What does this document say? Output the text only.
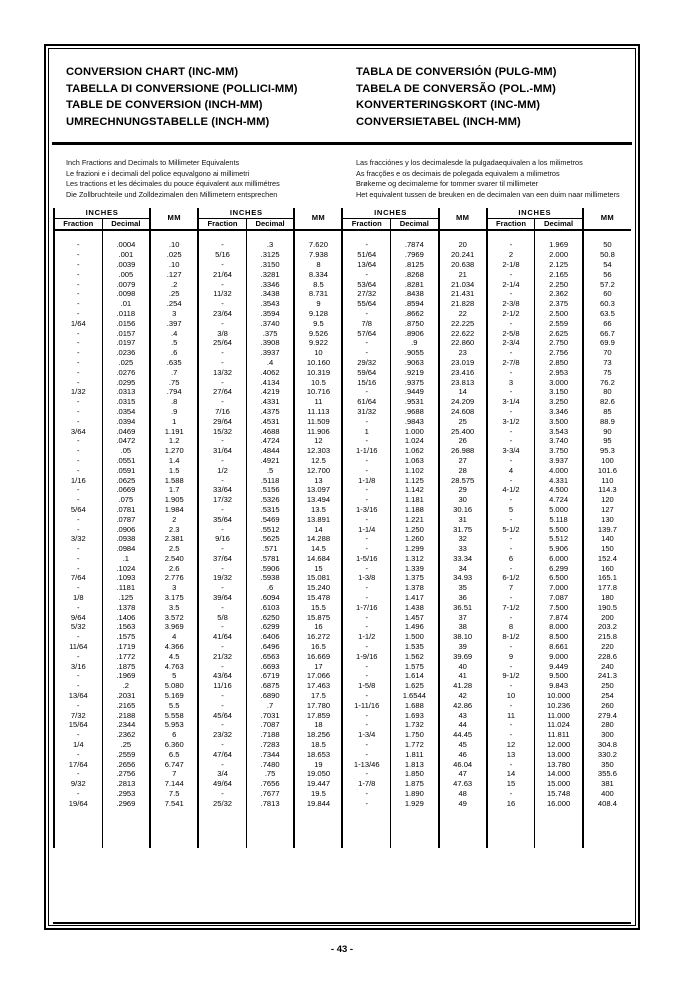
CONVERSION CHART (INC-MM)
TABELLA DI CONVERSIONE (POLLICI-MM)
TABLE DE CONVERSION (INCH-MM)
UMRECHNUNGSTABELLE (INCH-MM)
TABLA DE CONVERSIÓN (PULG-MM)
TABELA DE CONVERSÃO (POL.-MM)
KONVERTERINGSKORT (INC-MM)
CONVERSIETABEL (INCH-MM)
Inch Fractions and Decimals to Millimeter Equivalents
Le frazioni e i decimali del police equvalgono ai millimetri
Les tractions et les décimales du pouce équivalent aux millimétres
Die Zollbruchteile und Zolldezimalen den Millimetern entsprechen
Las fracciónes y los decimalesde la pulgadaequivalen a los milimetros
As fracções e os decimais de polegada equivalem a milimetros
Brøkerne og decimalerne for tommer svarer til millimeter
Het equivalent tussen de breuken en de decimalen van een duim naar millimeters
INCHES		MM	INCHES		MM	INCHES		MM	INCHES		MM
Fraction	Decimal		Fraction	Decimal		Fraction	Decimal		Fraction	Decimal	

-	.0004	.10	-	.3	7.620	-	.7874	20	-	1.969	50
-	.001	.025	5/16	.3125	7.938	51/64	.7969	20.241	2	2.000	50.8
-	.0039	.10	-	.3150	8	13/64	.8125	20.638	2-1/8	2.125	54
-	.005	.127	21/64	.3281	8.334	-	.8268	21	-	2.165	56
-	.0079	.2	-	.3346	8.5	53/64	.8281	21.034	2-1/4	2.250	57.2
-	.0098	.25	11/32	.3438	8.731	27/32	.8438	21.431	-	2.362	60
-	.01	.254	-	.3543	9	55/64	.8594	21.828	2-3/8	2.375	60.3
-	.0118	3	23/64	.3594	9.128	-	.8662	22	2-1/2	2.500	63.5
1/64	.0156	.397	-	.3740	9.5	7/8	.8750	22.225	-	2.559	66
-	.0157	.4	3/8	.375	9.526	57/64	.8906	22.622	2-5/8	2.625	66.7
-	.0197	.5	25/64	.3908	9.922	-	.9	22.860	2-3/4	2.750	69.9
-	.0236	.6	-	.3937	10	-	.9055	23	-	2.756	70
-	.025	.635	-	.4	10.160	29/32	.9063	23.019	2-7/8	2.850	73
-	.0276	.7	13/32	.4062	10.319	59/64	.9219	23.416	-	2.953	75
-	.0295	.75	-	.4134	10.5	15/16	.9375	23.813	3	3.000	76.2
1/32	.0313	.794	27/64	.4219	10.716	-	.9449	14	-	3.150	80
-	.0315	.8	-	.4331	11	61/64	.9531	24.209	3-1/4	3.250	82.6
-	.0354	.9	7/16	.4375	11.113	31/32	.9688	24.608	-	3.346	85
-	.0394	1	29/64	.4531	11.509	-	.9843	25	3-1/2	3.500	88.9
3/64	.0469	1.191	15/32	.4688	11.906	1	1.000	25.400	-	3.543	90
-	.0472	1.2	-	.4724	12	-	1.024	26	-	3.740	95
-	.05	1.270	31/64	.4844	12.303	1-1/16	1.062	26.988	3-3/4	3.750	95.3
-	.0551	1.4	-	.4921	12.5	-	1.063	27	-	3.937	100
-	.0591	1.5	1/2	.5	12.700	-	1.102	28	4	4.000	101.6
1/16	.0625	1.588	-	.5118	13	1-1/8	1.125	28.575	-	4.331	110
-	.0669	1.7	33/64	.5156	13.097	-	1.142	29	4-1/2	4.500	114.3
-	.075	1.905	17/32	.5326	13.494	-	1.181	30	-	4.724	120
5/64	.0781	1.984	-	.5315	13.5	1-3/16	1.188	30.16	5	5.000	127
-	.0787	2	35/64	.5469	13.891	-	1.221	31	-	5.118	130
-	.0906	2.3	-	.5512	14	1-1/4	1.250	31.75	5-1/2	5.500	139.7
3/32	.0938	2.381	9/16	.5625	14.288	-	1.260	32	-	5.512	140
-	.0984	2.5	-	.571	14.5	-	1.299	33	-	5.906	150
-	.1	2.540	37/64	.5781	14.684	1-5/16	1.312	33.34	6	6.000	152.4
-	.1024	2.6	-	.5906	15	-	1.339	34	-	6.299	160
7/64	.1093	2.776	19/32	.5938	15.081	1-3/8	1.375	34.93	6-1/2	6.500	165.1
-	.1181	3	-	.6	15.240	-	1.378	35	7	7.000	177.8
1/8	.125	3.175	39/64	.6094	15.478	-	1.417	36	-	7.087	180
-	.1378	3.5	-	.6103	15.5	1-7/16	1.438	36.51	7-1/2	7.500	190.5
9/64	.1406	3.572	5/8	.6250	15.875	-	1.457	37	-	7.874	200
5/32	.1563	3.969	-	.6299	16	-	1.496	38	8	8.000	203.2
-	.1575	4	41/64	.6406	16.272	1-1/2	1.500	38.10	8-1/2	8.500	215.8
11/64	.1719	4.366	-	.6496	16.5	-	1.535	39	-	8.661	220
-	.1772	4.5	21/32	.6563	16.669	1-9/16	1.562	39.69	9	9.000	228.6
3/16	.1875	4.763	-	.6693	17	-	1.575	40	-	9.449	240
-	.1969	5	43/64	.6719	17.066	-	1.614	41	9-1/2	9.500	241.3
-	.2	5.080	11/16	.6875	17.463	1-5/8	1.625	41.28	-	9.843	250
13/64	.2031	5.169	-	.6890	17.5	-	1.6544	42	10	10.000	254
-	.2165	5.5	-	.7	17.780	1-11/16	1.688	42.86	-	10.236	260
7/32	.2188	5.558	45/64	.7031	17.859	-	1.693	43	11	11.000	279.4
15/64	.2344	5.953	-	.7087	18	-	1.732	44	-	11.024	280
-	.2362	6	23/32	.7188	18.256	1-3/4	1.750	44.45	-	11.811	300
1/4	.25	6.360	-	.7283	18.5	-	1.772	45	12	12.000	304.8
-	.2559	6.5	47/64	.7344	18.653	-	1.811	46	13	13.000	330.2
17/64	.2656	6.747	-	.7480	19	1-13/46	1.813	46.04	-	13.780	350
-	.2756	7	3/4	.75	19.050	-	1.850	47	14	14.000	355.6
9/32	.2813	7.144	49/64	.7656	19.447	1-7/8	1.875	47.63	15	15.000	381
-	.2953	7.5	-	.7677	19.5	-	1.890	48	-	15.748	400
19/64	.2969	7.541	25/32	.7813	19.844	-	1.929	49	16	16.000	408.4

- 43 -
